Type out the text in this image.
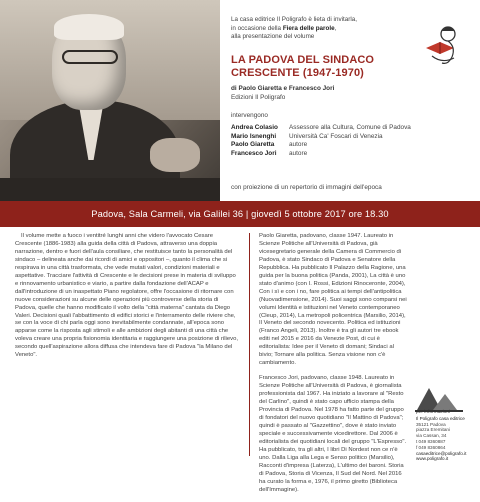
La casa editrice Il Poligrafo è lieta di invitarla,
in occasione della Fiera delle parole,
alla presentazione del volume
LA PADOVA DEL SINDACO
CRESCENTE (1947-1970)
di Paolo Giaretta e Francesco Jori
Edizioni Il Poligrafo
intervengono
Andrea Colasio	Assessore alla Cultura, Comune di Padova
Mario Isnenghi	Università Ca' Foscari di Venezia
Paolo Giaretta	autore
Francesco Jori	autore
con proiezione di un repertorio di immagini dell'epoca
Padova, Sala Carmeli, via Galilei 36 | giovedì 5 ottobre 2017 ore 18.30
Il volume mette a fuoco i ventitré lunghi anni che videro l'avvocato Cesare Crescente (1886-1983) alla guida della città di Padova, attraverso una doppia narrazione, dentro e fuori dell'aula consiliare, che restituisce tanto la personalità del sindaco – delineata anche dai ricordi di amici e oppositori –, quanto il clima che si respirava in una città trasformata, che vede mutati valori, condizioni materiali e aspettative. Tracciare l'attività di Crescente e le decisioni prese in materia di sviluppo e rinnovamento urbanistico e viario, a partire dalla fondazione dell'ACAP e dall'introduzione di un inaspettato Piano regolatore, offre l'occasione di ritornare con nuove considerazioni su alcune delle operazioni più controverse della storia di Padova, quelle che hanno modificato il volto della "città materna" cantata da Diego Valeri. Decisioni quali l'abbattimento di edifici storici e l'interramento delle riviere che, se con la voce di chi parla oggi sono inevitabilmente condannate, all'epoca sono apparse come la risposta agli stimoli e alle ambizioni degli abitanti di una città che voleva creare una propria fisionomia identitaria e raggiungere una posizione di rilievo, secondo quell'aspirazione allora diffusa che intendeva fare di Padova "la Milano del Veneto".

Paolo Giaretta, padovano, classe 1947. Laureato in Scienze Politiche all'Università di Padova, già vicesegretario generale della Camera di Commercio di Padova, è stato Sindaco di Padova e Senatore della Repubblica. Ha pubblicato Il Palazzo della Ragione, una guida per la buona politica (Panda, 2001), La città è uno stato d'animo (con I. Rossi, Edizioni Rinoceronte, 2004), Con i sì e con i no, fare politica ai tempi dell'antipolitica (Nuovadimensione, 2014). Suoi saggi sono comparsi nei volumi Identità e istituzioni nel Veneto contemporaneo (Cleup, 2014), La metropoli policentrica (Marsilio, 2014), Il Veneto del secondo novecento. Politica ed istituzioni (Franco Angeli, 2013). Inoltre è tra gli autori tre ebook editi nel 2015 e 2016 da Venezie Post, di cui è editorialista: Idee per il Veneto di domani; Sindaci al bivio; Tornare alla politica. Senza visione non c'è cambiamento.

Francesco Jori, padovano, classe 1948. Laureato in Scienze Politiche all'Università di Padova, è giornalista professionista dal 1967. Ha iniziato a lavorare al "Resto del Carlino", quindi è stato capo ufficio stampa della Provincia di Padova. Nel 1978 ha fatto parte del gruppo di fondatori del nuovo quotidiano "Il Mattino di Padova"; quindi è passato al "Gazzettino", dove è stato inviato speciale e successivamente vicedirettore. Dal 2006 è editorialista dei quotidiani locali del gruppo "L'Espresso". Ha pubblicato, tra gli altri, I libri Di Nordest non ce n'è uno. Dalla Liga alla Lega e Senso politico (Marsilio), Racconti d'impresa (Laterza), L'ultimo dei baroni. Storia di Padova, Storia di Vicenza, Il Sud del Nord. Nel 2016 ha curato la forma e, 1976, il primo giretto (Biblioteca dell'Immagine).

per informazioni
Il Poligrafo casa editrice
35121 Padova
piazza Eremitani
via Cassan, 34
t 049 8360887
f 049 8360864
casaeditrice@poligrafo.it
www.poligrafo.it
